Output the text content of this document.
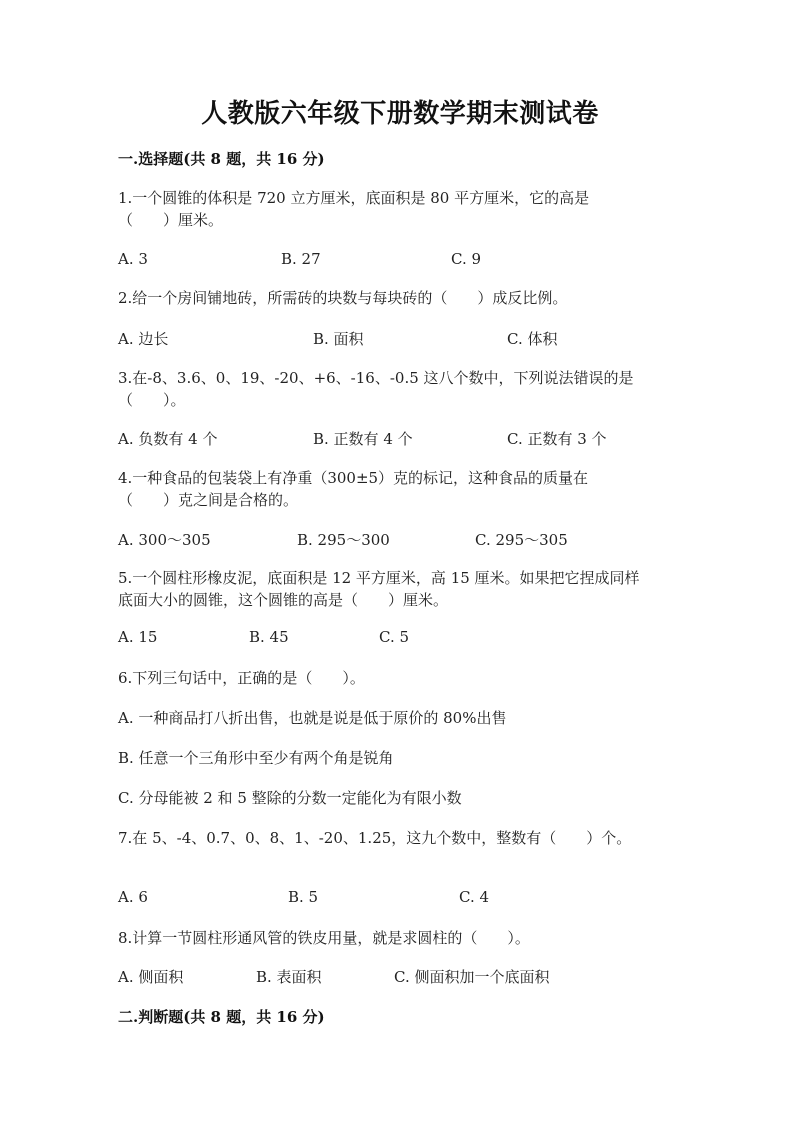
人教版六年级下册数学期末测试卷
一.选择题(共 8 题，共 16 分)
1.一个圆锥的体积是 720 立方厘米，底面积是 80 平方厘米，它的高是
（　　）厘米。
A. 3	B. 27	C. 9
2.给一个房间铺地砖，所需砖的块数与每块砖的（　　）成反比例。
A. 边长	B. 面积	C. 体积
3.在-8、3.6、0、19、-20、+6、-16、-0.5 这八个数中，下列说法错误的是
（　　）。
A. 负数有 4 个	B. 正数有 4 个	C. 正数有 3 个
4.一种食品的包装袋上有净重（300±5）克的标记，这种食品的质量在
（　　）克之间是合格的。
A. 300～305	B. 295～300	C. 295～305
5.一个圆柱形橡皮泥，底面积是 12 平方厘米，高 15 厘米。如果把它捏成同样
底面大小的圆锥，这个圆锥的高是（　　）厘米。
A. 15	B. 45	C. 5
6.下列三句话中，正确的是（　　）。
A. 一种商品打八折出售，也就是说是低于原价的 80%出售
B. 任意一个三角形中至少有两个角是锐角
C. 分母能被 2 和 5 整除的分数一定能化为有限小数
7.在 5、-4、0.7、0、8、1、-20、1.25，这九个数中，整数有（　　）个。
A. 6	B. 5	C. 4
8.计算一节圆柱形通风管的铁皮用量，就是求圆柱的（　　）。
A. 侧面积	B. 表面积	C. 侧面积加一个底面积
二.判断题(共 8 题，共 16 分)
